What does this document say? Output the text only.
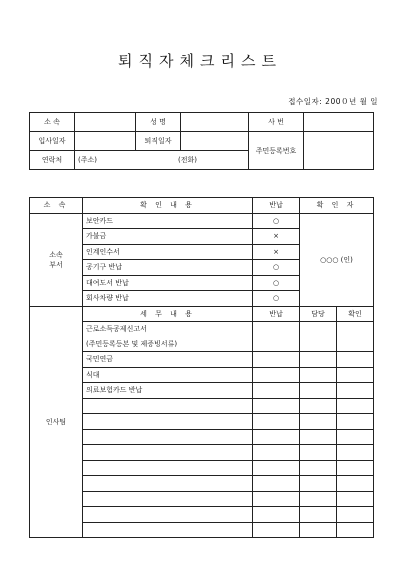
퇴직자체크리스트
접수일자: 200０년 월 일
소 속		성 명		사 번	
입사일자		퇴직일자		주민등록번호	
연락처	(주소) (전화)				
소 속	확 인 내 용	반납	확 인 자	
소속
부서	보안카드	○	○○○ (인)	
	가불금	×		
	인계인수서	×		
	공기구 반납	○		
	대여도서 반납	○		
	회사차량 반납	○		
인사팀	세 무 내 용	반납	담당	확인
	근로소득공제신고서			
	(주민등록등본 및 제증빙서류)			
	국민연금			
	식대			
	의료보험카드 반납			
